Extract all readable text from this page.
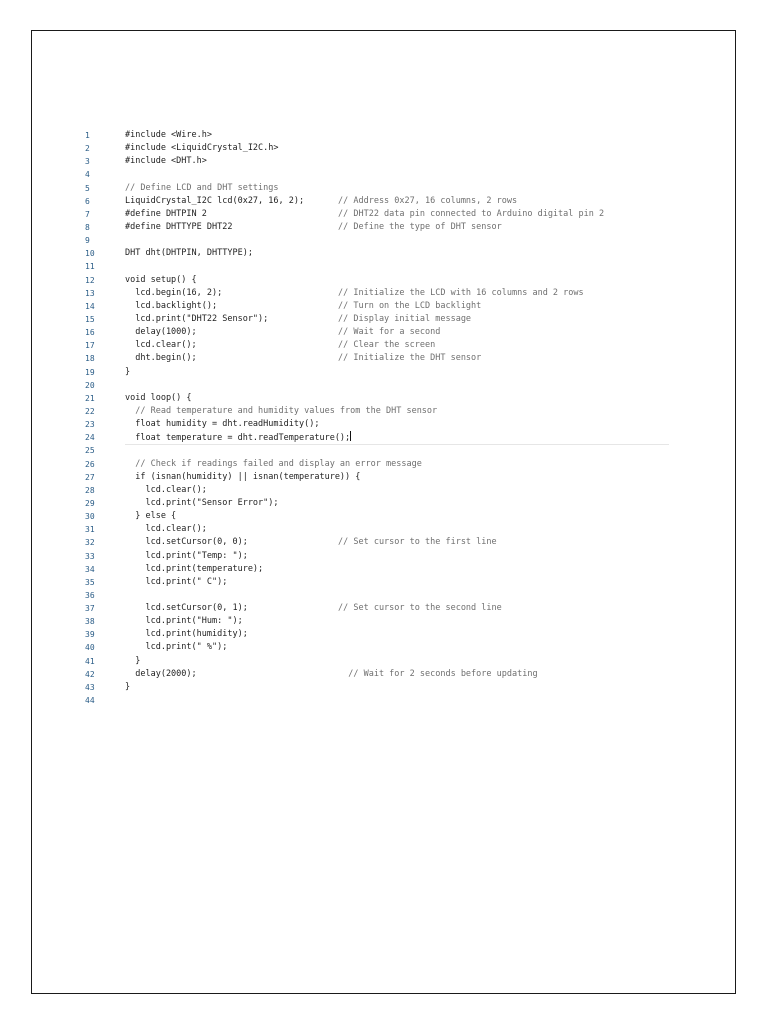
1	#include <Wire.h>
2	#include <LiquidCrystal_I2C.h>
3	#include <DHT.h>
4
5	// Define LCD and DHT settings
6	LiquidCrystal_I2C lcd(0x27, 16, 2);	// Address 0x27, 16 columns, 2 rows
7	#define DHTPIN 2	// DHT22 data pin connected to Arduino digital pin 2
8	#define DHTTYPE DHT22	// Define the type of DHT sensor
9
10	DHT dht(DHTPIN, DHTTYPE);
11
12	void setup() {
13	lcd.begin(16, 2);	// Initialize the LCD with 16 columns and 2 rows
14	lcd.backlight();	// Turn on the LCD backlight
15	lcd.print("DHT22 Sensor");	// Display initial message
16	delay(1000);	// Wait for a second
17	lcd.clear();	// Clear the screen
18	dht.begin();	// Initialize the DHT sensor
19	}
20
21	void loop() {
22	// Read temperature and humidity values from the DHT sensor
23	float humidity = dht.readHumidity();
24	float temperature = dht.readTemperature();
25
26	// Check if readings failed and display an error message
27	if (isnan(humidity) || isnan(temperature)) {
28	lcd.clear();
29	lcd.print("Sensor Error");
30	} else {
31	lcd.clear();
32	lcd.setCursor(0, 0);	// Set cursor to the first line
33	lcd.print("Temp: ");
34	lcd.print(temperature);
35	lcd.print(" C");
36
37	lcd.setCursor(0, 1);	// Set cursor to the second line
38	lcd.print("Hum: ");
39	lcd.print(humidity);
40	lcd.print(" %");
41	}
42	delay(2000);	// Wait for 2 seconds before updating
43	}
44
